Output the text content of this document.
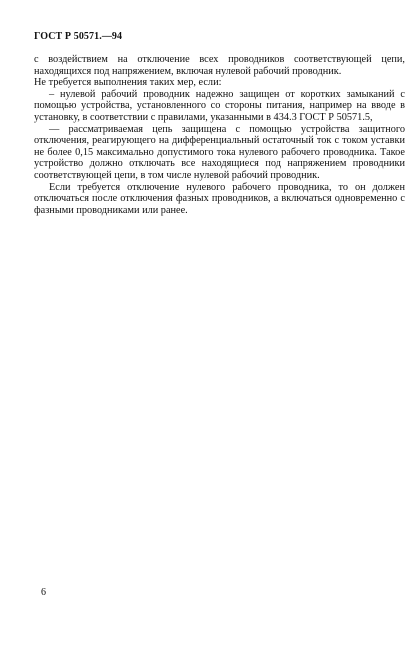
ГОСТ Р 50571.—94

с воздействием на отключение всех проводников соответствующей цепи, находящихся под напряжением, включая нулевой рабочий проводник.

Не требуется выполнения таких мер, если:

– нулевой рабочий проводник надежно защищен от коротких замыканий с помощью устройства, установленного со стороны питания, например на вводе в установку, в соответствии с правилами, указанными в 434.3 ГОСТ Р 50571.5,

— рассматриваемая цепь защищена с помощью устройства защитного отключения, реагирующего на дифференциальный остаточный ток с током уставки не более 0,15 максимально допустимого тока нулевого рабочего проводника. Такое устройство должно отключать все находящиеся под напряжением проводники соответствующей цепи, в том числе нулевой рабочий проводник.

Если требуется отключение нулевого рабочего проводника, то он должен отключаться после отключения фазных проводников, а включаться одновременно с фазными проводниками или ранее.

6
